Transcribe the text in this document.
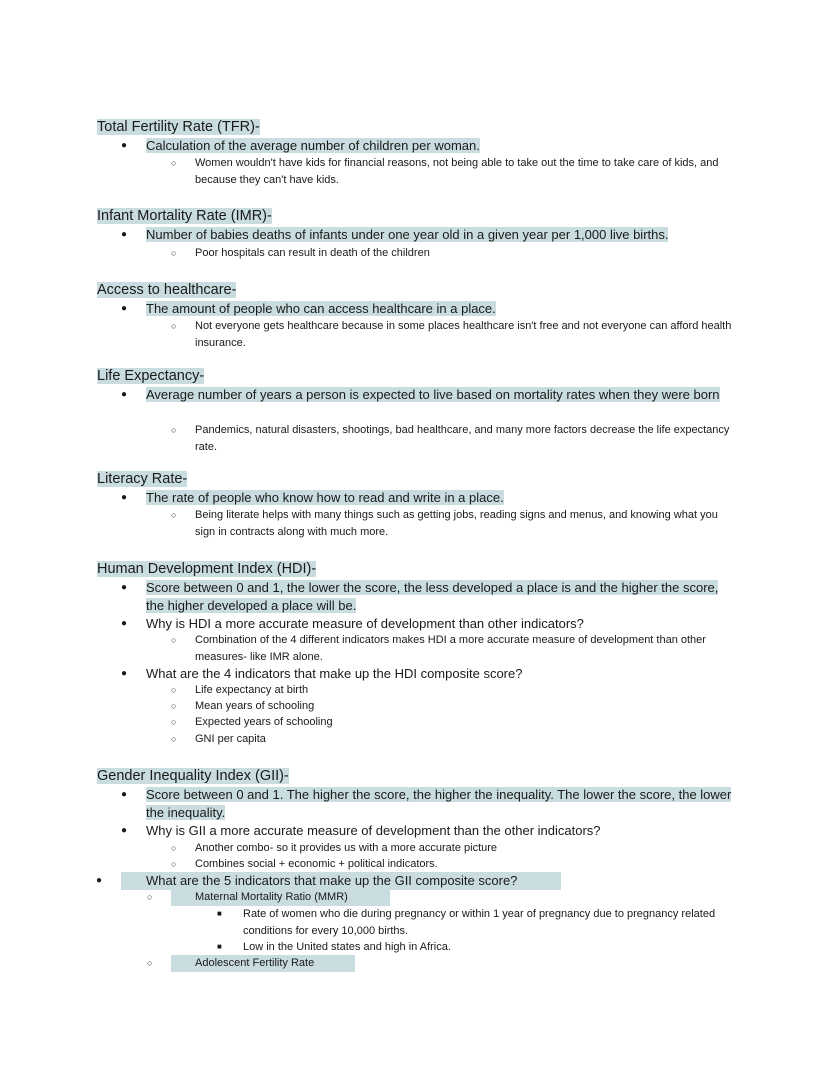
Total Fertility Rate (TFR)-
● Calculation of the average number of children per woman.
○ Women wouldn't have kids for financial reasons, not being able to take out the time to take care of kids, and because they can't have kids.
Infant Mortality Rate (IMR)-
● Number of babies deaths of infants under one year old in a given year per 1,000 live births.
○ Poor hospitals can result in death of the children
Access to healthcare-
● The amount of people who can access healthcare in a place.
○ Not everyone gets healthcare because in some places healthcare isn't free and not everyone can afford health insurance.
Life Expectancy-
● Average number of years a person is expected to live based on mortality rates when they were born
○ Pandemics, natural disasters, shootings, bad healthcare, and many more factors decrease the life expectancy rate.
Literacy Rate-
● The rate of people who know how to read and write in a place.
○ Being literate helps with many things such as getting jobs, reading signs and menus, and knowing what you sign in contracts along with much more.
Human Development Index (HDI)-
● Score between 0 and 1, the lower the score, the less developed a place is and the higher the score, the higher developed a place will be.
● Why is HDI a more accurate measure of development than other indicators?
○ Combination of the 4 different indicators makes HDI a more accurate measure of development than other measures- like IMR alone.
● What are the 4 indicators that make up the HDI composite score?
○ Life expectancy at birth
○ Mean years of schooling
○ Expected years of schooling
○ GNI per capita
Gender Inequality Index (GII)-
● Score between 0 and 1. The higher the score, the higher the inequality. The lower the score, the lower the inequality.
● Why is GII a more accurate measure of development than the other indicators?
○ Another combo- so it provides us with a more accurate picture
○ Combines social + economic + political indicators.
● What are the 5 indicators that make up the GII composite score?
○ Maternal Mortality Ratio (MMR)
■ Rate of women who die during pregnancy or within 1 year of pregnancy due to pregnancy related conditions for every 10,000 births.
■ Low in the United states and high in Africa.
○ Adolescent Fertility Rate
